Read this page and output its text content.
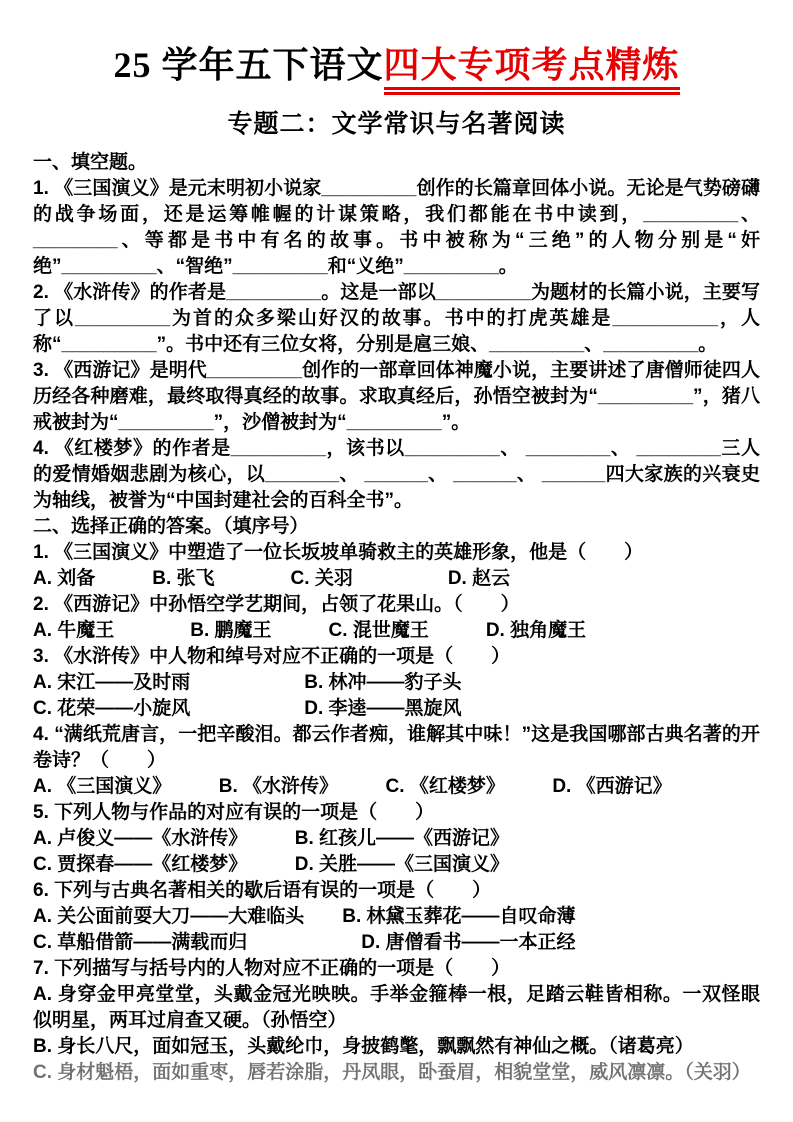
25 学年五下语文四大专项考点精炼
专题二：文学常识与名著阅读

一、填空题。

1. 《三国演义》是元末明初小说家_________创作的长篇章回体小说。无论是气势磅礴的战争场面，还是运筹帷幄的计谋策略，我们都能在书中读到，_________、________、等都是书中有名的故事。书中被称为“三绝”的人物分别是“奸绝”_________、“智绝”_________和“义绝”_________。

2. 《水浒传》的作者是_________。这是一部以_________为题材的长篇小说，主要写了以_________为首的众多梁山好汉的故事。书中的打虎英雄是__________，人称“_________”。书中还有三位女将，分别是扈三娘、_________、_________。

3. 《西游记》是明代_________创作的一部章回体神魔小说，主要讲述了唐僧师徒四人历经各种磨难，最终取得真经的故事。求取真经后，孙悟空被封为“_________”，猪八戒被封为“_________”，沙僧被封为“_________”。

4. 《红楼梦》的作者是_________，该书以_________、 ________、 ________三人的爱情婚姻悲剧为核心，以_______、 ______、 ______、 ______四大家族的兴衰史为轴线，被誉为“中国封建社会的百科全书”。

二、选择正确的答案。（填序号）

1. 《三国演义》中塑造了一位长坂坡单骑救主的英雄形象，他是（　　）

A. 刘备　　　B. 张飞　　　　C. 关羽　　　　　D. 赵云

2. 《西游记》中孙悟空学艺期间，占领了花果山。（　　）

A. 牛魔王　　　　B. 鹏魔王　　　C. 混世魔王　　　D. 独角魔王

3. 《水浒传》中人物和绰号对应不正确的一项是（　　）

A. 宋江——及时雨　　　　　　B. 林冲——豹子头

C. 花荣——小旋风　　　　　　D. 李逵——黑旋风

4. “满纸荒唐言，一把辛酸泪。都云作者痴，谁解其中味！”这是我国哪部古典名著的开卷诗？（　　）

A. 《三国演义》　　　B. 《水浒传》　　　C. 《红楼梦》　　　D. 《西游记》

5. 下列人物与作品的对应有误的一项是（　　）

A. 卢俊义——《水浒传》　　　B. 红孩儿——《西游记》

C. 贾探春——《红楼梦》　　　D. 关胜——《三国演义》

6. 下列与古典名著相关的歇后语有误的一项是（　　）

A. 关公面前耍大刀——大难临头　　B. 林黛玉葬花——自叹命薄

C. 草船借箭——满载而归　　　　　　D. 唐僧看书——一本正经

7. 下列描写与括号内的人物对应不正确的一项是（　　）

A. 身穿金甲亮堂堂，头戴金冠光映映。手举金箍棒一根，足踏云鞋皆相称。一双怪眼似明星，两耳过肩查又硬。（孙悟空）

B. 身长八尺，面如冠玉，头戴纶巾，身披鹤氅，飘飘然有神仙之概。（诸葛亮）

C. 身材魁梧，面如重枣，唇若涂脂，丹凤眼，卧蚕眉，相貌堂堂，威风凛凛。（关羽）
